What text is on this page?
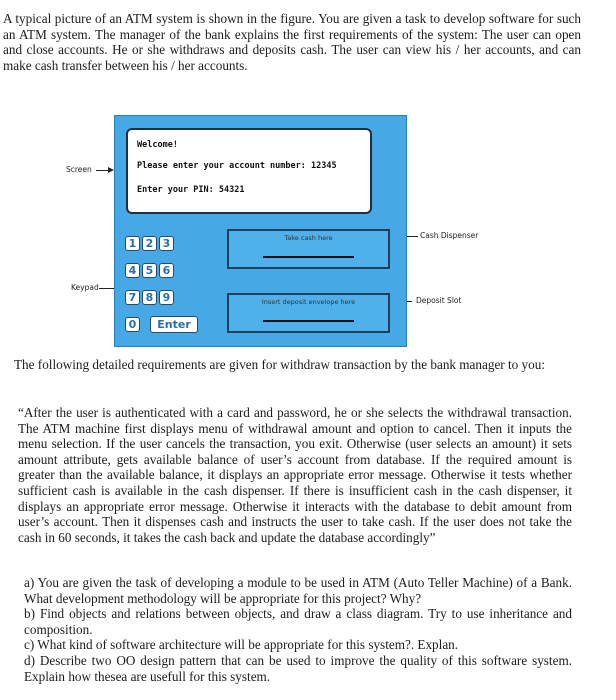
A typical picture of an ATM system is shown in the figure. You are given a task to develop software for such an ATM system. The manager of the bank explains the first requirements of the system: The user can open and close accounts. He or she withdraws and deposits cash. The user can view his / her accounts, and can make cash transfer between his / her accounts.

Screen
Keypad
Cash Dispenser
Deposit Slot
Welcome!
Please enter your account number: 12345
Enter your PIN: 54321
1 2 3
4 5 6
7 8 9
0	Enter
Take cash here
Insert deposit envelope here

The following detailed requirements are given for withdraw transaction by the bank manager to you:

“After the user is authenticated with a card and password, he or she selects the withdrawal transaction. The ATM machine first displays menu of withdrawal amount and option to cancel. Then it inputs the menu selection. If the user cancels the transaction, you exit. Otherwise (user selects an amount) it sets amount attribute, gets available balance of user’s account from database. If the required amount is greater than the available balance, it displays an appropriate error message. Otherwise it tests whether sufficient cash is available in the cash dispenser. If there is insufficient cash in the cash dispenser, it displays an appropriate error message. Otherwise it interacts with the database to debit amount from user’s account. Then it dispenses cash and instructs the user to take cash. If the user does not take the cash in 60 seconds, it takes the cash back and update the database accordingly”

a) You are given the task of developing a module to be used in ATM (Auto Teller Machine) of a Bank. What development methodology will be appropriate for this project? Why?

b) Find objects and relations between objects, and draw a class diagram. Try to use inheritance and composition.

c) What kind of software architecture will be appropriate for this system?. Explan.

d) Describe two OO design pattern that can be used to improve the quality of this software system. Explain how thesea are usefull for this system.
